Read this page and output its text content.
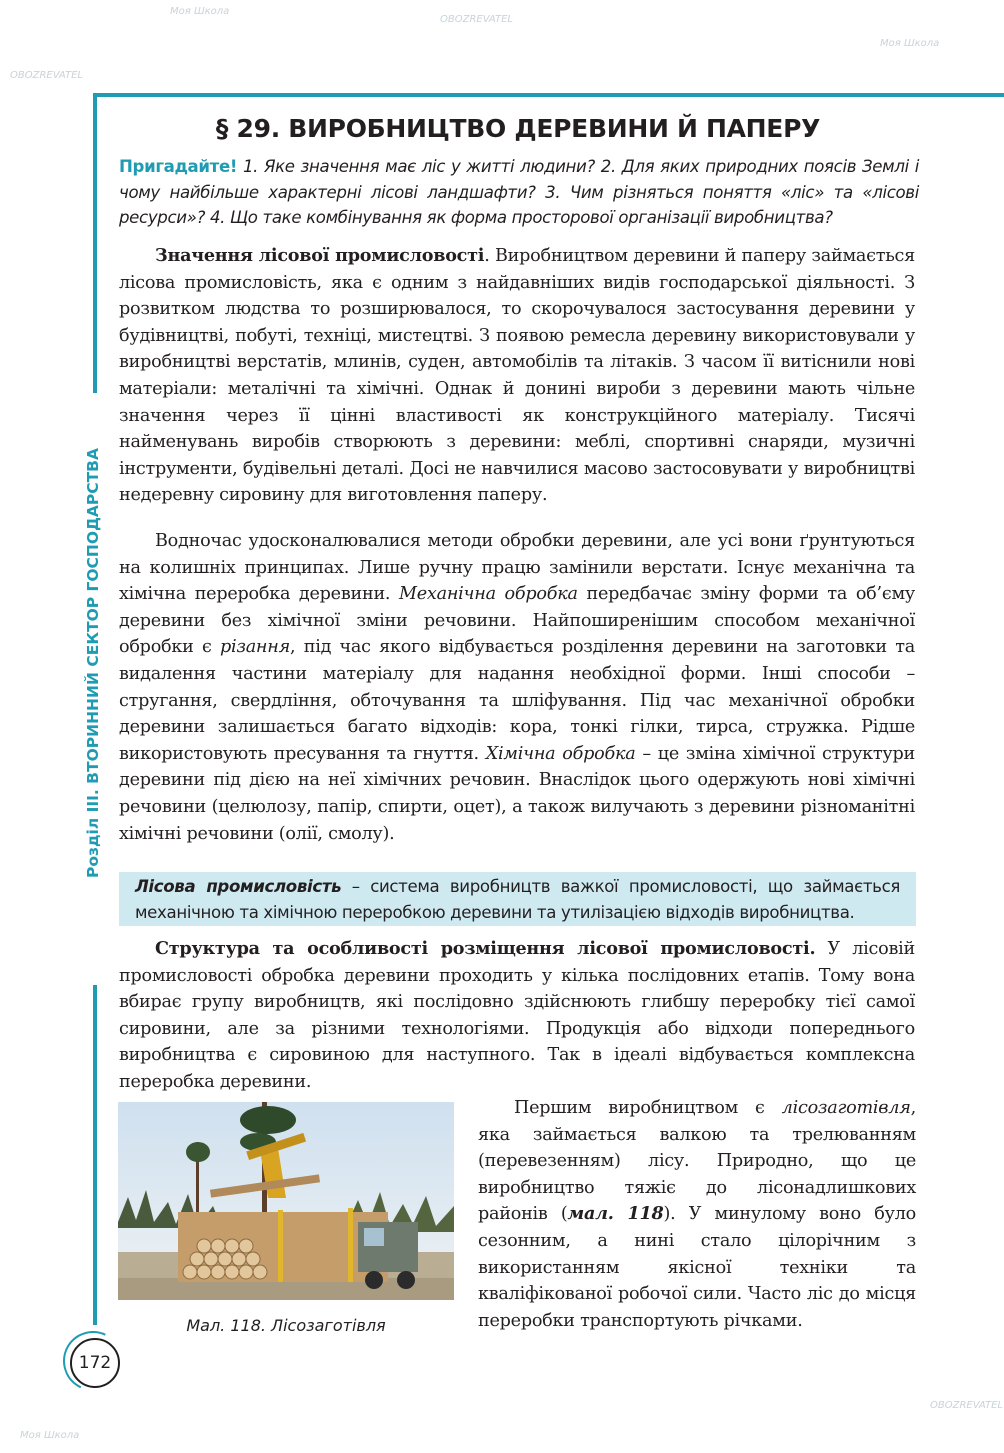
Розділ III. ВТОРИННИЙ СЕКТОР ГОСПОДАРСТВА
172
§ 29. ВИРОБНИЦТВО ДЕРЕВИНИ Й ПАПЕРУ

Пригадайте! 1. Яке значення має ліс у житті людини? 2. Для яких природних поясів Землі і чому найбільше характерні лісові ландшафти? 3. Чим різняться поняття «ліс» та «лісові ресурси»? 4. Що таке комбінування як форма просторової організації виробництва?

Значення лісової промисловості. Виробництвом деревини й паперу займається лісова промисловість, яка є одним з найдавніших видів господарської діяльності. З розвитком людства то розширювалося, то скорочувалося застосування деревини у будівництві, побуті, техніці, мистецтві. З появою ремесла деревину використовували у виробництві верстатів, млинів, суден, автомобілів та літаків. З часом її витіснили нові матеріали: металічні та хімічні. Однак й донині вироби з деревини мають чільне значення через її цінні властивості як конструкційного матеріалу. Тисячі найменувань виробів створюють з деревини: меблі, спортивні снаряди, музичні інструменти, будівельні деталі. Досі не навчилися масово застосовувати у виробництві недеревну сировину для виготовлення паперу.

Водночас удосконалювалися методи обробки деревини, але усі вони ґрунтуються на колишніх принципах. Лише ручну працю замінили верстати. Існує механічна та хімічна переробка деревини. Механічна обробка передбачає зміну форми та об’єму деревини без хімічної зміни речовини. Найпоширенішим способом механічної обробки є різання, під час якого відбувається розділення деревини на заготовки та видалення частини матеріалу для надання необхідної форми. Інші способи – стругання, свердління, обточування та шліфування. Під час механічної обробки деревини залишається багато відходів: кора, тонкі гілки, тирса, стружка. Рідше використовують пресування та гнуття. Хімічна обробка – це зміна хімічної структури деревини під дією на неї хімічних речовин. Внаслідок цього одержують нові хімічні речовини (целюлозу, папір, спирти, оцет), а також вилучають з деревини різноманітні хімічні речовини (олії, смолу).

Лісова промисловість – система виробництв важкої промисловості, що займається механічною та хімічною переробкою деревини та утилізацією відходів виробництва.

Структура та особливості розміщення лісової промисловості. У лісовій промисловості обробка деревини проходить у кілька послідовних етапів. Тому вона вбирає групу виробництв, які послідовно здійснюють глибшу переробку тієї самої сировини, але за різними технологіями. Продукція або відходи попереднього виробництва є сировиною для наступного. Так в ідеалі відбувається комплексна переробка деревини.

Мал. 118. Лісозаготівля

Першим виробництвом є лісозаготівля, яка займається валкою та трелюванням (перевезенням) лісу. Природно, що це виробництво тяжіє до лісонадлишкових районів (мал. 118). У минулому воно було сезонним, а нині стало цілорічним з використанням якісної техніки та кваліфікованої робочої сили. Часто ліс до місця переробки транспортують річками.

Моя Школа
OBOZREVATEL
Моя Школа
OBOZREVATEL
OBOZREVATEL
Моя Школа
